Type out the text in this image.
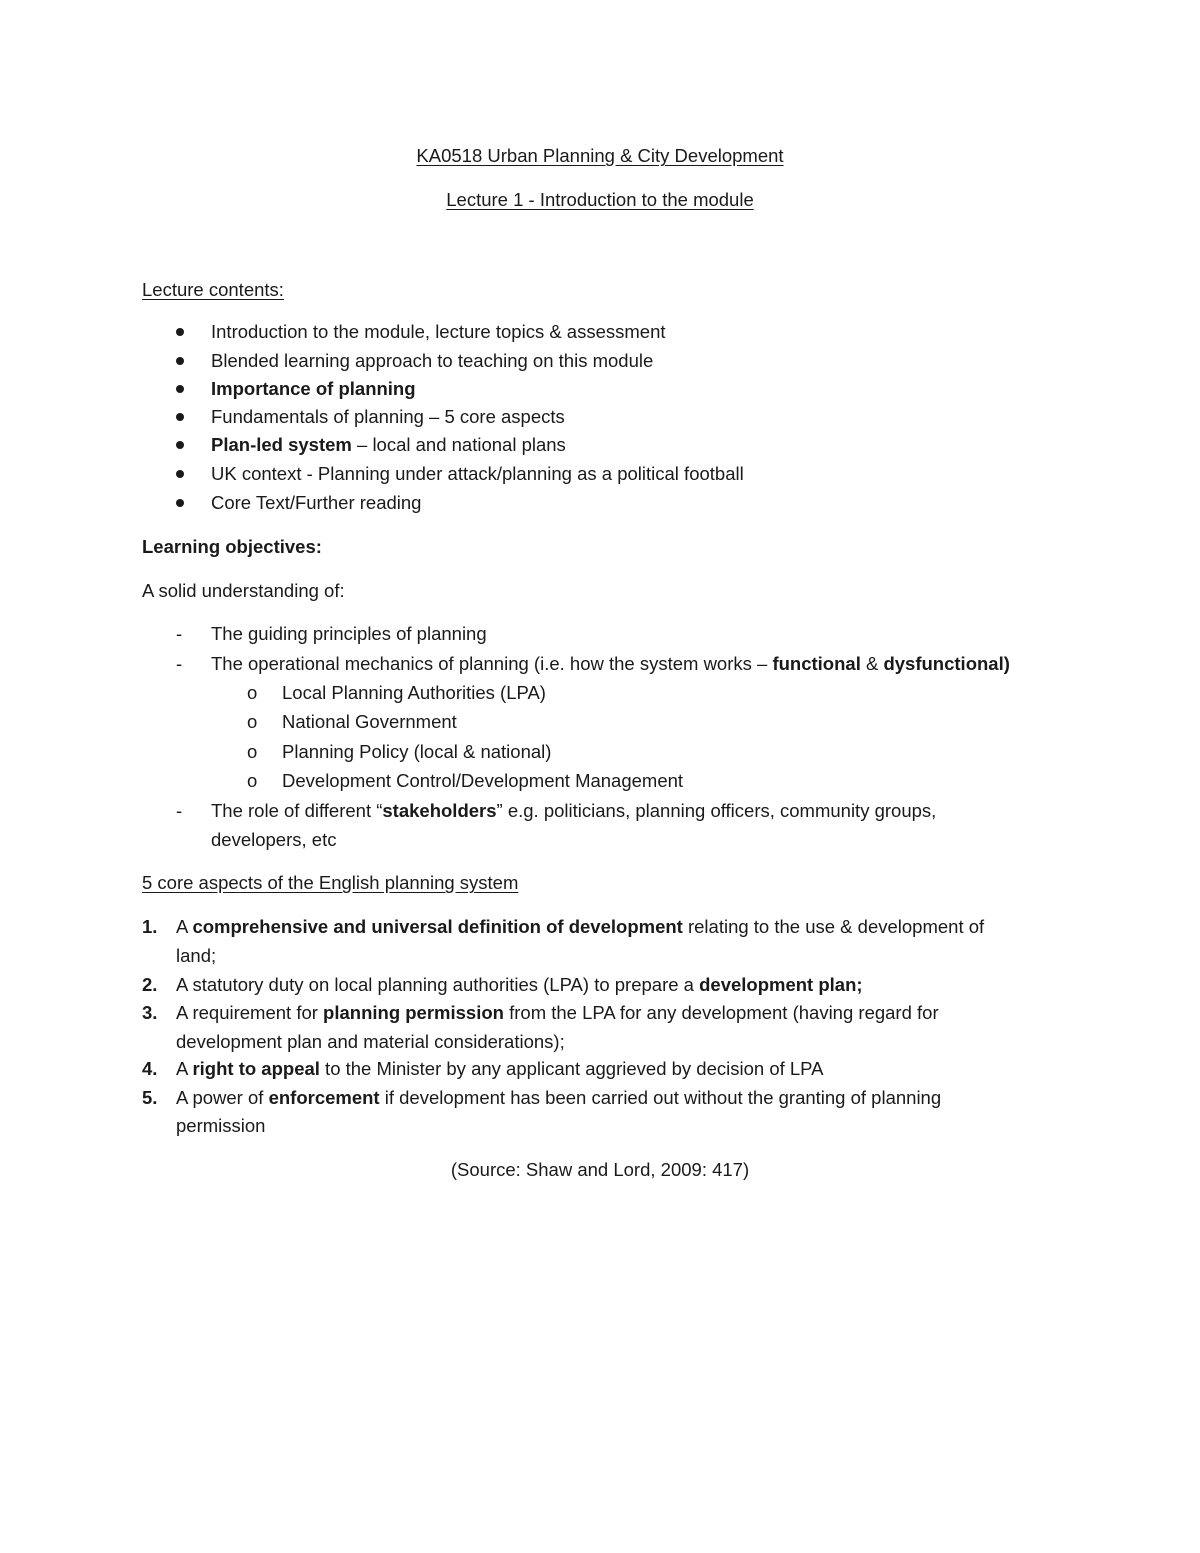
KA0518 Urban Planning & City Development
Lecture 1 - Introduction to the module
Lecture contents:
Introduction to the module, lecture topics & assessment
Blended learning approach to teaching on this module
Importance of planning
Fundamentals of planning – 5 core aspects
Plan-led system – local and national plans
UK context - Planning under attack/planning as a political football
Core Text/Further reading
Learning objectives:
A solid understanding of:
- The guiding principles of planning
- The operational mechanics of planning (i.e. how the system works – functional & dysfunctional)
o Local Planning Authorities (LPA)
o National Government
o Planning Policy (local & national)
o Development Control/Development Management
- The role of different “stakeholders” e.g. politicians, planning officers, community groups,
developers, etc
5 core aspects of the English planning system
1. A comprehensive and universal definition of development relating to the use & development of
land;
2. A statutory duty on local planning authorities (LPA) to prepare a development plan;
3. A requirement for planning permission from the LPA for any development (having regard for
development plan and material considerations);
4. A right to appeal to the Minister by any applicant aggrieved by decision of LPA
5. A power of enforcement if development has been carried out without the granting of planning
permission
(Source: Shaw and Lord, 2009: 417)
